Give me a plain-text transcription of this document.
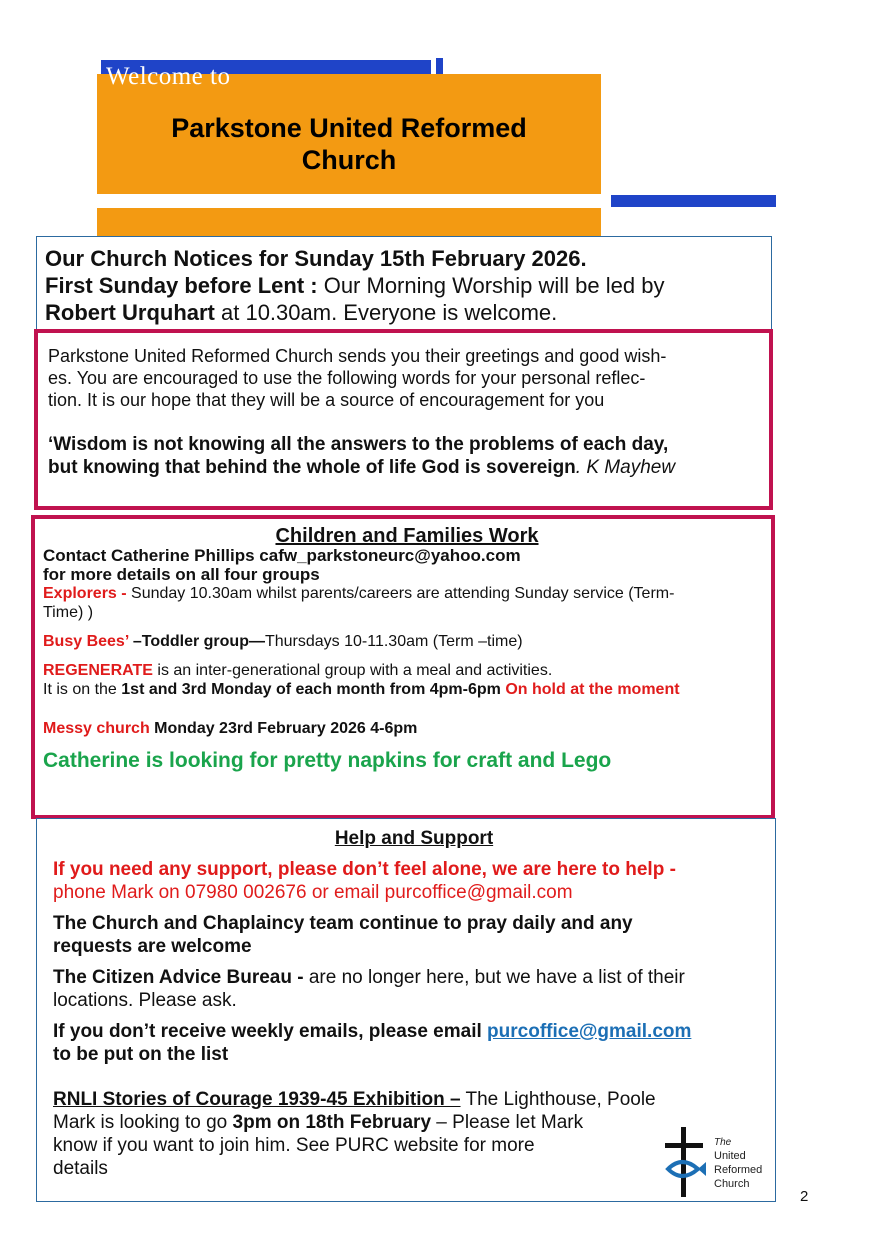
Welcome to
Parkstone United Reformed
Church

Our Church Notices for Sunday 15th February 2026.

First Sunday before Lent : Our Morning Worship will be led by

Robert Urquhart at 10.30am. Everyone is welcome.

Parkstone United Reformed Church sends you their greetings and good wish-

es. You are encouraged to use the following words for your personal reflec-

tion. It is our hope that they will be a source of encouragement for you

‘Wisdom is not knowing all the answers to the problems of each day,

but knowing that behind the whole of life God is sovereign. K Mayhew

Children and Families Work

Contact Catherine Phillips cafw_parkstoneurc@yahoo.com

for more details on all four groups

Explorers - Sunday 10.30am whilst parents/careers are attending Sunday service (Term-

Time) )

Busy Bees’ –Toddler group—Thursdays 10-11.30am (Term –time)

REGENERATE is an inter-generational group with a meal and activities.

It is on the 1st and 3rd Monday of each month from 4pm-6pm On hold at the moment

Messy church Monday 23rd February 2026 4-6pm

Catherine is looking for pretty napkins for craft and Lego

Help and Support

If you need any support, please don’t feel alone, we are here to help -

phone Mark on 07980 002676 or email purcoffice@gmail.com

The Church and Chaplaincy team continue to pray daily and any

requests are welcome

The Citizen Advice Bureau - are no longer here, but we have a list of their

locations. Please ask.

If you don’t receive weekly emails, please email purcoffice@gmail.com

to be put on the list

RNLI Stories of Courage 1939-45 Exhibition – The Lighthouse, Poole

Mark is looking to go 3pm on 18th February – Please let Mark

know if you want to join him. See PURC website for more

details

The
United
Reformed
Church
2
